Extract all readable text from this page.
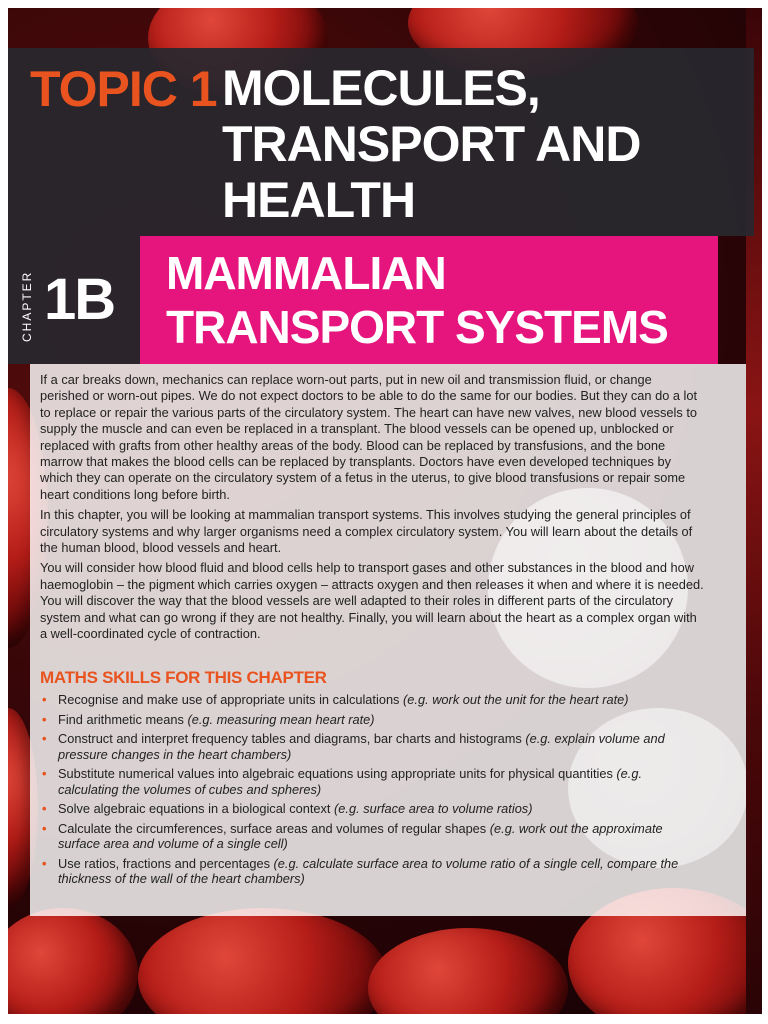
TOPIC 1 MOLECULES, TRANSPORT AND HEALTH
CHAPTER 1B MAMMALIAN TRANSPORT SYSTEMS

If a car breaks down, mechanics can replace worn-out parts, put in new oil and transmission fluid, or change perished or worn-out pipes. We do not expect doctors to be able to do the same for our bodies. But they can do a lot to replace or repair the various parts of the circulatory system. The heart can have new valves, new blood vessels to supply the muscle and can even be replaced in a transplant. The blood vessels can be opened up, unblocked or replaced with grafts from other healthy areas of the body. Blood can be replaced by transfusions, and the bone marrow that makes the blood cells can be replaced by transplants. Doctors have even developed techniques by which they can operate on the circulatory system of a fetus in the uterus, to give blood transfusions or repair some heart conditions long before birth.

In this chapter, you will be looking at mammalian transport systems. This involves studying the general principles of circulatory systems and why larger organisms need a complex circulatory system. You will learn about the details of the human blood, blood vessels and heart.

You will consider how blood fluid and blood cells help to transport gases and other substances in the blood and how haemoglobin – the pigment which carries oxygen – attracts oxygen and then releases it when and where it is needed. You will discover the way that the blood vessels are well adapted to their roles in different parts of the circulatory system and what can go wrong if they are not healthy. Finally, you will learn about the heart as a complex organ with a well-coordinated cycle of contraction.

MATHS SKILLS FOR THIS CHAPTER
• Recognise and make use of appropriate units in calculations (e.g. work out the unit for the heart rate)
• Find arithmetic means (e.g. measuring mean heart rate)
• Construct and interpret frequency tables and diagrams, bar charts and histograms (e.g. explain volume and pressure changes in the heart chambers)
• Substitute numerical values into algebraic equations using appropriate units for physical quantities (e.g. calculating the volumes of cubes and spheres)
• Solve algebraic equations in a biological context (e.g. surface area to volume ratios)
• Calculate the circumferences, surface areas and volumes of regular shapes (e.g. work out the approximate surface area and volume of a single cell)
• Use ratios, fractions and percentages (e.g. calculate surface area to volume ratio of a single cell, compare the thickness of the wall of the heart chambers)
